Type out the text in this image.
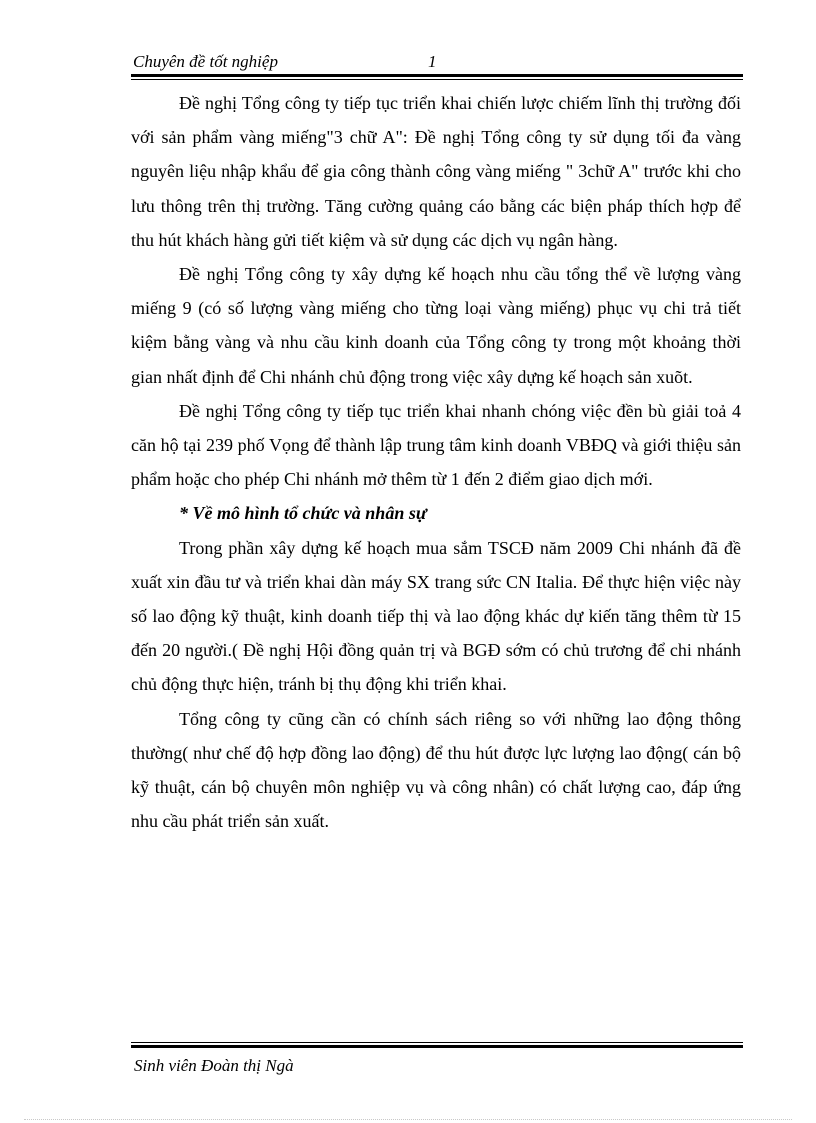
Chuyên đề tốt nghiệp	1

Đề nghị Tổng công ty tiếp tục triển khai chiến lược chiếm lĩnh thị trường đối với sản phẩm vàng miếng"3 chữ A": Đề nghị Tổng công ty sử dụng tối đa vàng nguyên liệu nhập khẩu để gia công thành công vàng miếng " 3chữ A" trước khi cho lưu thông trên thị trường. Tăng cường quảng cáo bằng các biện pháp thích hợp để thu hút khách hàng gửi tiết kiệm và sử dụng các dịch vụ ngân hàng.

Đề nghị Tổng công ty xây dựng kế hoạch nhu cầu tổng thể về lượng vàng miếng 9 (có số lượng vàng miếng cho từng loại vàng miếng) phục vụ chi trả tiết kiệm bằng vàng và nhu cầu kinh doanh của Tổng công ty trong một khoảng thời gian nhất định để Chi nhánh chủ động trong việc xây dựng kế hoạch sản xuõt.

Đề nghị Tổng công ty tiếp tục triển khai nhanh chóng việc đền bù giải toả 4 căn hộ tại 239 phố Vọng để thành lập trung tâm kinh doanh VBĐQ và giới thiệu sản phẩm hoặc cho phép Chi nhánh mở thêm từ 1 đến 2 điểm giao dịch mới.

* Về mô hình tổ chức và nhân sự

Trong phần xây dựng kế hoạch mua sắm TSCĐ năm 2009 Chi nhánh đã đề xuất xin đầu tư và triển khai dàn máy SX trang sức CN Italia. Để thực hiện việc này số lao động kỹ thuật, kinh doanh tiếp thị và lao động khác dự kiến tăng thêm từ 15 đến 20 người.( Đề nghị Hội đồng quản trị và BGĐ sớm có chủ trương để chi nhánh chủ động thực hiện, tránh bị thụ động khi triển khai.

Tổng công ty cũng cần có chính sách riêng so với những lao động thông thường( như chế độ hợp đồng lao động) để thu hút được lực lượng lao động( cán bộ kỹ thuật, cán bộ chuyên môn nghiệp vụ và công nhân) có chất lượng cao, đáp ứng nhu cầu phát triển sản xuất.

Sinh viên Đoàn thị Ngà
